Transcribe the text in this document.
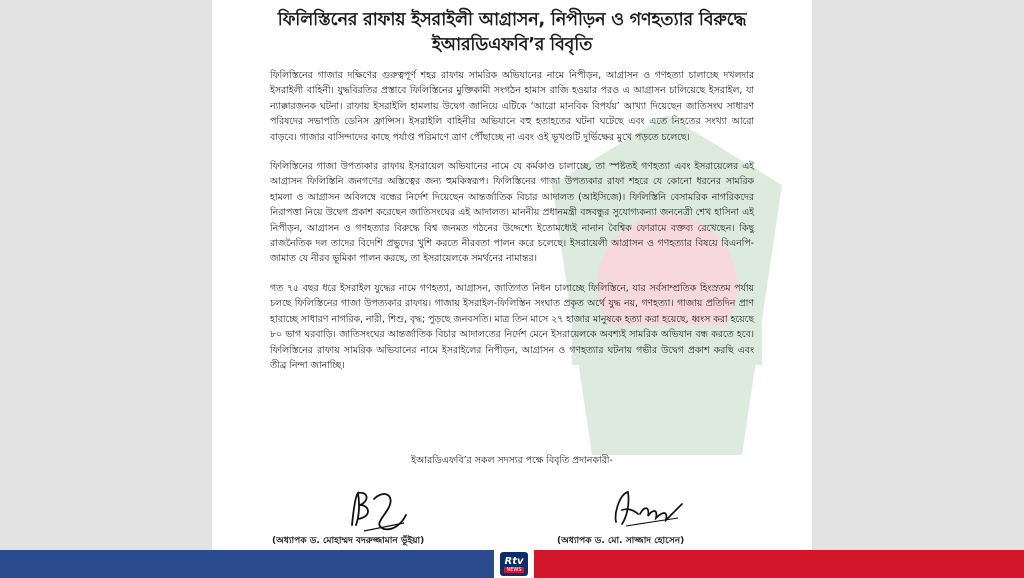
ফিলিস্তিনের রাফায় ইসরাইলী আগ্রাসন, নিপীড়ন ও গণহত্যার বিরুদ্ধে
ইআরডিএফবি’র বিবৃতি

ফিলিস্তিনের গাজার দক্ষিণের গুরুত্বপূর্ণ শহর রাফায় সামরিক অভিযানের নামে নিপীড়ন, আগ্রাসন ও গণহত্যা চালাচ্ছে দখলদার ইসরাইলী বাহিনী। যুদ্ধবিরতির প্রস্তাবে ফিলিস্তিনের মুক্তিকামী সংগঠন হামাস রাজি হওয়ার পরও এ আগ্রাসন চালিয়েছে ইসরাইল, যা ন্যাক্কারজনক ঘটনা। রাফায় ইসরাইলি হামলায় উদ্বেগ জানিয়ে এটিকে ‘আরো মানবিক বিপর্যয়’ আখ্যা দিয়েছেন জাতিসংঘ সাধারণ পরিষদের সভাপতি ডেনিস ফ্রান্সিস। ইসরাইলি বাহিনীর অভিযানে বহু হতাহতের ঘটনা ঘটেছে এবং এতে নিহতের সংখ্যা আরো বাড়বে। গাজার বাসিন্দাদের কাছে পর্যাপ্ত পরিমাণে ত্রাণ পৌঁছাচ্ছে না এবং ওই ভূখণ্ডটি দুর্ভিক্ষের মুখে পড়তে চলেছে।

ফিলিস্তিনের গাজা উপত্যকার রাফায় ইসরায়েল অভিযানের নামে যে কর্মকাণ্ড চালাচ্ছে, তা স্পষ্টতই গণহত্যা এবং ইসরায়েলের এই আগ্রাসন ফিলিস্তিনি জনগণের অস্তিত্বের জন্য হুমকিস্বরূপ। ফিলিস্তিনের গাজা উপত্যকার রাফা শহরে যে কোনো ধরনের সামরিক হামলা ও আগ্রাসন অবিলম্বে বন্ধের নির্দেশ দিয়েছেন আন্তর্জাতিক বিচার আদালত (আইসিজে)। ফিলিস্তিনি বেসামরিক নাগরিকদের নিরাপত্তা নিয়ে উদ্বেগ প্রকাশ করেছেন জাতিসংঘের এই আদালত। মাননীয় প্রধানমন্ত্রী বঙ্গবন্ধুর সুযোগ্যকন্যা জননেত্রী শেখ হাসিনা এই নিপীড়ন, আগ্রাসন ও গণহত্যার বিরুদ্ধে বিশ্ব জনমত গঠনের উদ্দেশ্যে ইতোমধ্যেই নানান বৈশ্বিক ফোরামে বক্তব্য রেখেছেন। কিছু রাজনৈতিক দল তাদের বিদেশি প্রভুদের খুশি করতে নীরবতা পালন করে চলেছে। ইসরায়েলী আগ্রাসন ও গণহত্যার বিষয়ে বিএনপি-জামাত যে নীরব ভূমিকা পালন করছে, তা ইসরায়েলকে সমর্থনের নামান্তর।

গত ৭৫ বছর ধরে ইসরাইল যুদ্ধের নামে গণহত্যা, আগ্রাসন, জাতিগত নিধন চালাচ্ছে ফিলিস্তিনে, যার সর্বসাম্প্রতিক হিংস্রতম পর্যায় চলছে ফিলিস্তিনের গাজা উপত্যকার রাফায়। গাজায় ইসরাইল-ফিলিস্তিন সংঘাত প্রকৃত অর্থে যুদ্ধ নয়, গণহত্যা। গাজায় প্রতিদিন প্রাণ হারাচ্ছে সাধারণ নাগরিক, নারী, শিশু, বৃদ্ধ; পুড়ছে জনবসতি। মাত্র তিন মাসে ২৭ হাজার মানুষকে হত্যা করা হয়েছে, ধ্বংস করা হয়েছে ৮০ ভাগ ঘরবাড়ি। জাতিসংঘের আন্তর্জাতিক বিচার আদালতের নির্দেশ মেনে ইসরায়েলকে অবশ্যই সামরিক অভিযান বন্ধ করতে হবে। ফিলিস্তিনের রাফায় সামরিক অভিযানের নামে ইসরাইলের নিপীড়ন, আগ্রাসন ও গণহত্যার ঘটনায় গভীর উদ্বেগ প্রকাশ করছি এবং তীব্র নিন্দা জানাচ্ছি।

ইআরডিএফবি’র সকল সদস্যর পক্ষে বিবৃতি প্রদানকারী-
(অধ্যাপক ড. মোহাম্মদ বদরুজ্জামান ভূঁইয়া)	(অধ্যাপক ড. মো. সাজ্জাদ হোসেন)
Rtv
NEWS
